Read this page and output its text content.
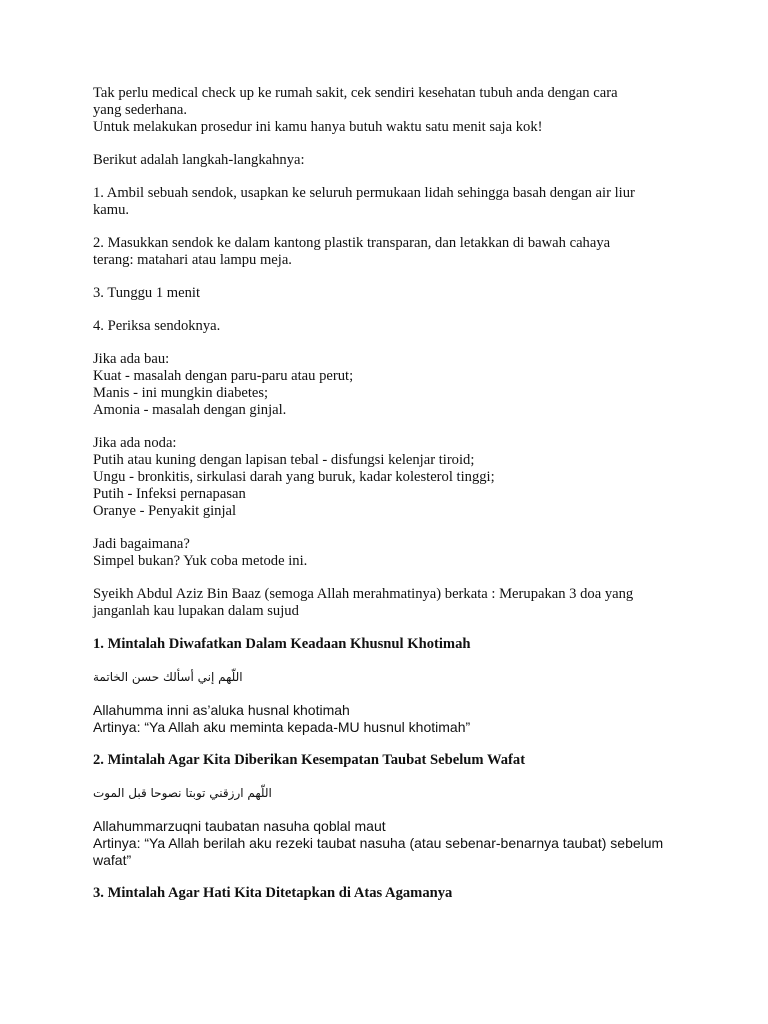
Tak perlu medical check up ke rumah sakit, cek sendiri kesehatan tubuh anda dengan cara
yang sederhana.
Untuk melakukan prosedur ini kamu hanya butuh waktu satu menit saja kok!

Berikut adalah langkah-langkahnya:

1. Ambil sebuah sendok, usapkan ke seluruh permukaan lidah sehingga basah dengan air liur
kamu.

2. Masukkan sendok ke dalam kantong plastik transparan, dan letakkan di bawah cahaya
terang: matahari atau lampu meja.

3. Tunggu 1 menit

4. Periksa sendoknya.

Jika ada bau:
Kuat - masalah dengan paru-paru atau perut;
Manis - ini mungkin diabetes;
Amonia - masalah dengan ginjal.

Jika ada noda:
Putih atau kuning dengan lapisan tebal - disfungsi kelenjar tiroid;
Ungu - bronkitis, sirkulasi darah yang buruk, kadar kolesterol tinggi;
Putih - Infeksi pernapasan
Oranye - Penyakit ginjal

Jadi bagaimana?
Simpel bukan? Yuk coba metode ini.

Syeikh Abdul Aziz Bin Baaz (semoga Allah merahmatinya) berkata : Merupakan 3 doa yang
janganlah kau lupakan dalam sujud

1. Mintalah Diwafatkan Dalam Keadaan Khusnul Khotimah

اللّهم إني أسألك حسن الخاتمة

Allahumma inni as’aluka husnal khotimah
Artinya: “Ya Allah aku meminta kepada-MU husnul khotimah”

2. Mintalah Agar Kita Diberikan Kesempatan Taubat Sebelum Wafat

اللّهم ارزقني توبتا نصوحا قبل الموت

Allahummarzuqni taubatan nasuha qoblal maut
Artinya: “Ya Allah berilah aku rezeki taubat nasuha (atau sebenar-benarnya taubat) sebelum
wafat”

3. Mintalah Agar Hati Kita Ditetapkan di Atas Agamanya
